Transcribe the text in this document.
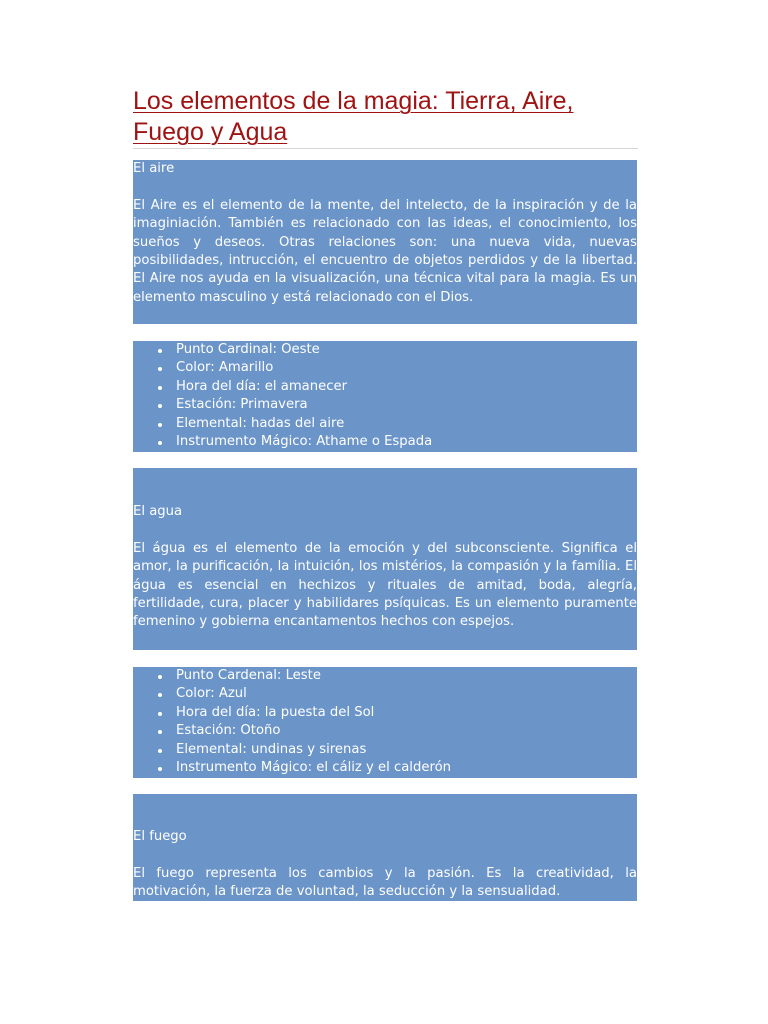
Los elementos de la magia: Tierra, Aire, Fuego y Agua

El aire

El Aire es el elemento de la mente, del intelecto, de la inspiración y de la imaginiación. También es relacionado con las ideas, el conocimiento, los sueños y deseos. Otras relaciones son: una nueva vida, nuevas posibilidades, intrucción, el encuentro de objetos perdidos y de la libertad. El Aire nos ayuda en la visualización, una técnica vital para la magia. Es un elemento masculino y está relacionado con el Dios.

Punto Cardinal: Oeste
Color: Amarillo
Hora del día: el amanecer
Estación: Primavera
Elemental: hadas del aire
Instrumento Mágico: Athame o Espada

El agua

El água es el elemento de la emoción y del subconsciente. Significa el amor, la purificación, la intuición, los mistérios, la compasión y la família. El água es esencial en hechizos y rituales de amitad, boda, alegría, fertilidade, cura, placer y habilidares psíquicas. Es un elemento puramente femenino y gobierna encantamentos hechos con espejos.

Punto Cardenal: Leste
Color: Azul
Hora del día: la puesta del Sol
Estación: Otoño
Elemental: undinas y sirenas
Instrumento Mágico: el cáliz y el calderón

El fuego

El fuego representa los cambios y la pasión. Es la creatividad, la motivación, la fuerza de voluntad, la seducción y la sensualidad.
